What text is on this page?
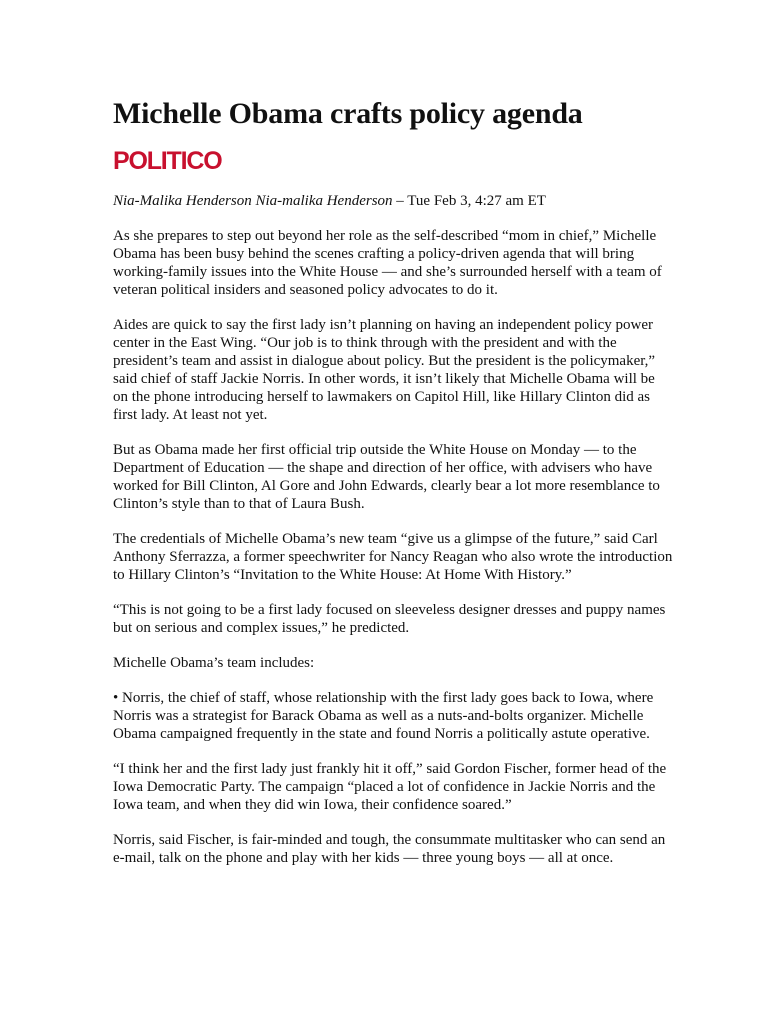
Michelle Obama crafts policy agenda
POLITICO
Nia-Malika Henderson Nia-malika Henderson – Tue Feb 3, 4:27 am ET

As she prepares to step out beyond her role as the self-described “mom in chief,” Michelle Obama has been busy behind the scenes crafting a policy-driven agenda that will bring working-family issues into the White House — and she’s surrounded herself with a team of veteran political insiders and seasoned policy advocates to do it.

Aides are quick to say the first lady isn’t planning on having an independent policy power center in the East Wing. “Our job is to think through with the president and with the president’s team and assist in dialogue about policy. But the president is the policymaker,” said chief of staff Jackie Norris. In other words, it isn’t likely that Michelle Obama will be on the phone introducing herself to lawmakers on Capitol Hill, like Hillary Clinton did as first lady. At least not yet.

But as Obama made her first official trip outside the White House on Monday — to the Department of Education — the shape and direction of her office, with advisers who have worked for Bill Clinton, Al Gore and John Edwards, clearly bear a lot more resemblance to Clinton’s style than to that of Laura Bush.

The credentials of Michelle Obama’s new team “give us a glimpse of the future,” said Carl Anthony Sferrazza, a former speechwriter for Nancy Reagan who also wrote the introduction to Hillary Clinton’s “Invitation to the White House: At Home With History.”

“This is not going to be a first lady focused on sleeveless designer dresses and puppy names but on serious and complex issues,” he predicted.

Michelle Obama’s team includes:

• Norris, the chief of staff, whose relationship with the first lady goes back to Iowa, where Norris was a strategist for Barack Obama as well as a nuts-and-bolts organizer. Michelle Obama campaigned frequently in the state and found Norris a politically astute operative.

“I think her and the first lady just frankly hit it off,” said Gordon Fischer, former head of the Iowa Democratic Party. The campaign “placed a lot of confidence in Jackie Norris and the Iowa team, and when they did win Iowa, their confidence soared.”

Norris, said Fischer, is fair-minded and tough, the consummate multitasker who can send an e-mail, talk on the phone and play with her kids — three young boys — all at once.
